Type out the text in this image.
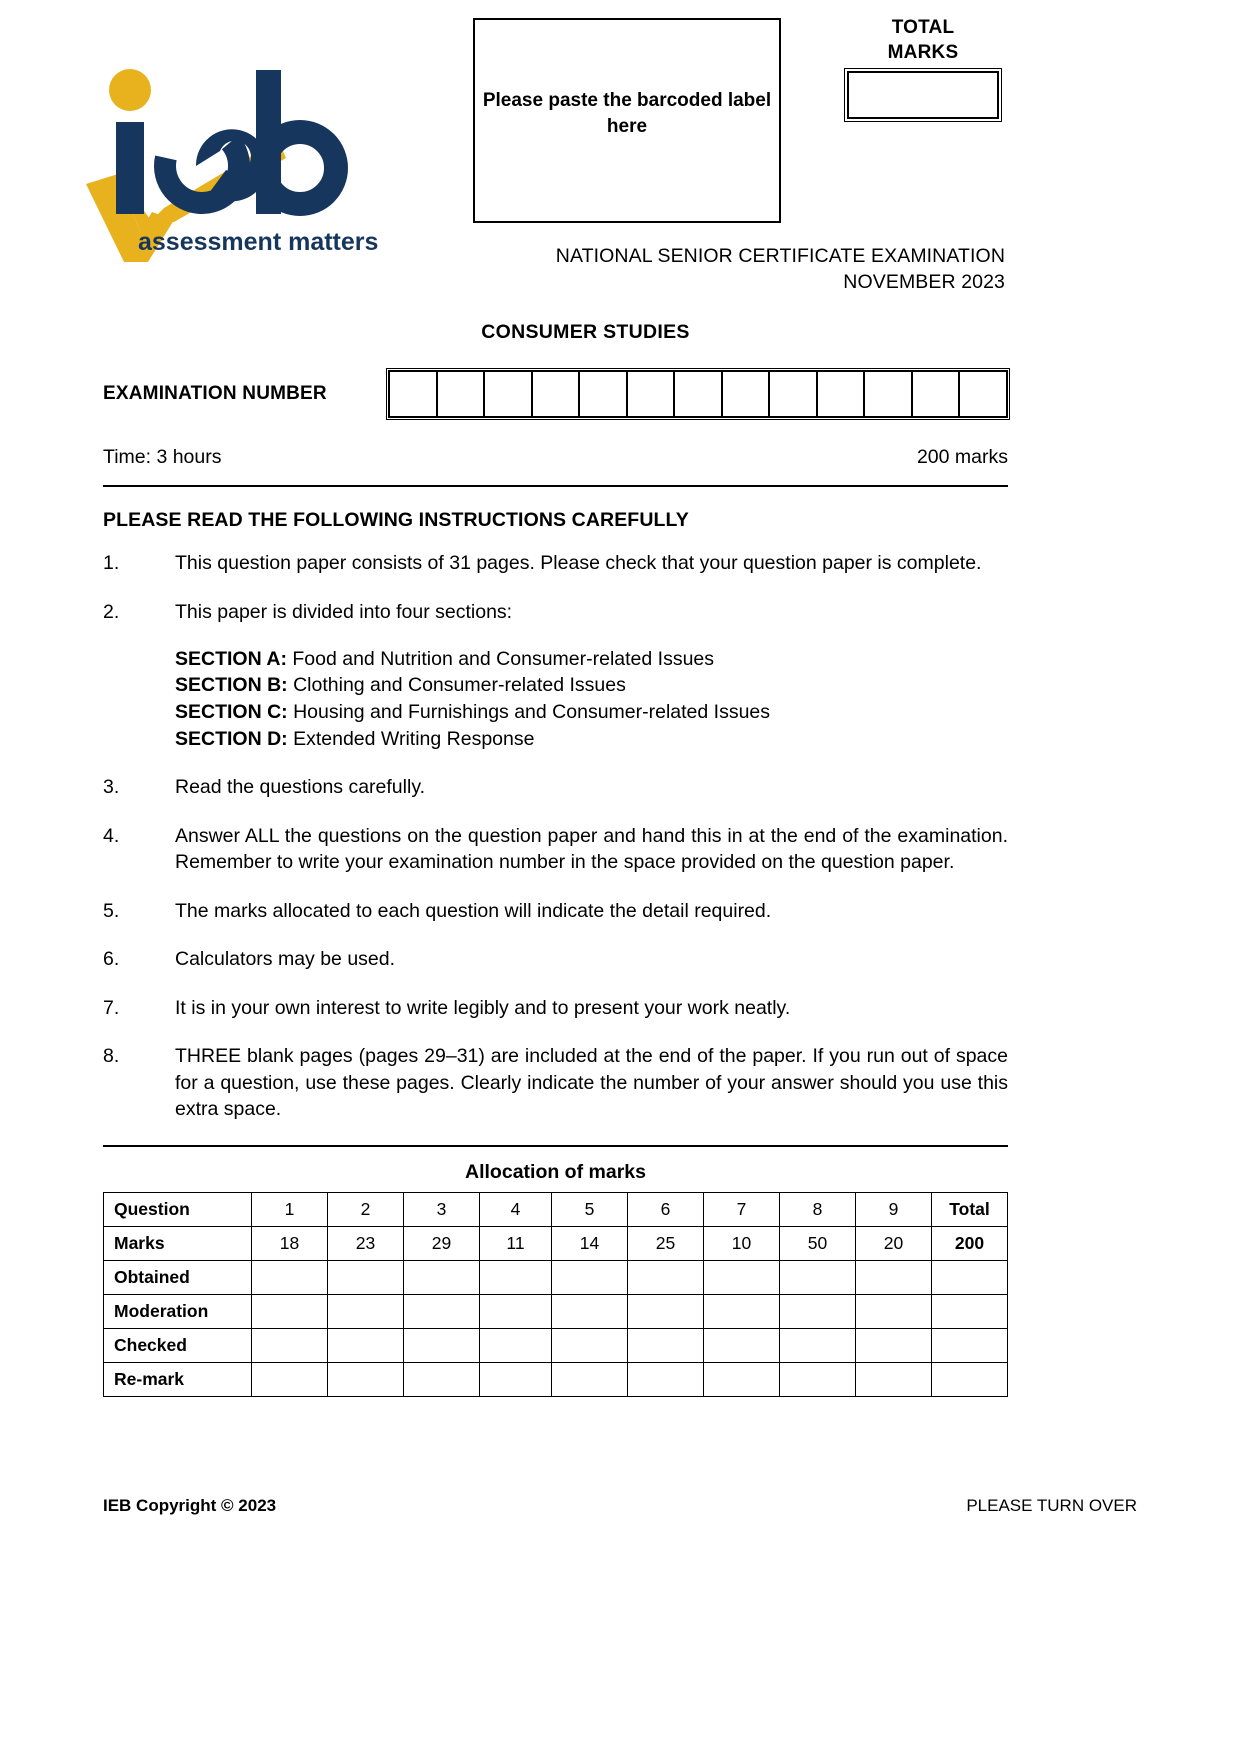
assessment matters
Please paste the barcoded label here
TOTAL
MARKS
NATIONAL SENIOR CERTIFICATE EXAMINATION
NOVEMBER 2023
CONSUMER STUDIES
EXAMINATION NUMBER
Time: 3 hours	200 marks
PLEASE READ THE FOLLOWING INSTRUCTIONS CAREFULLY
1.	This question paper consists of 31 pages. Please check that your question paper is complete.
2.	This paper is divided into four sections:
SECTION A: Food and Nutrition and Consumer-related Issues
SECTION B: Clothing and Consumer-related Issues
SECTION C: Housing and Furnishings and Consumer-related Issues
SECTION D: Extended Writing Response
3.	Read the questions carefully.
4.	Answer ALL the questions on the question paper and hand this in at the end of the examination. Remember to write your examination number in the space provided on the question paper.
5.	The marks allocated to each question will indicate the detail required.
6.	Calculators may be used.
7.	It is in your own interest to write legibly and to present your work neatly.
8.	THREE blank pages (pages 29–31) are included at the end of the paper. If you run out of space for a question, use these pages. Clearly indicate the number of your answer should you use this extra space.
Allocation of marks
Question	1	2	3	4	5	6	7	8	9	Total
Marks	18	23	29	11	14	25	10	50	20	200
Obtained										
Moderation										
Checked										
Re-mark										
IEB Copyright © 2023	PLEASE TURN OVER
